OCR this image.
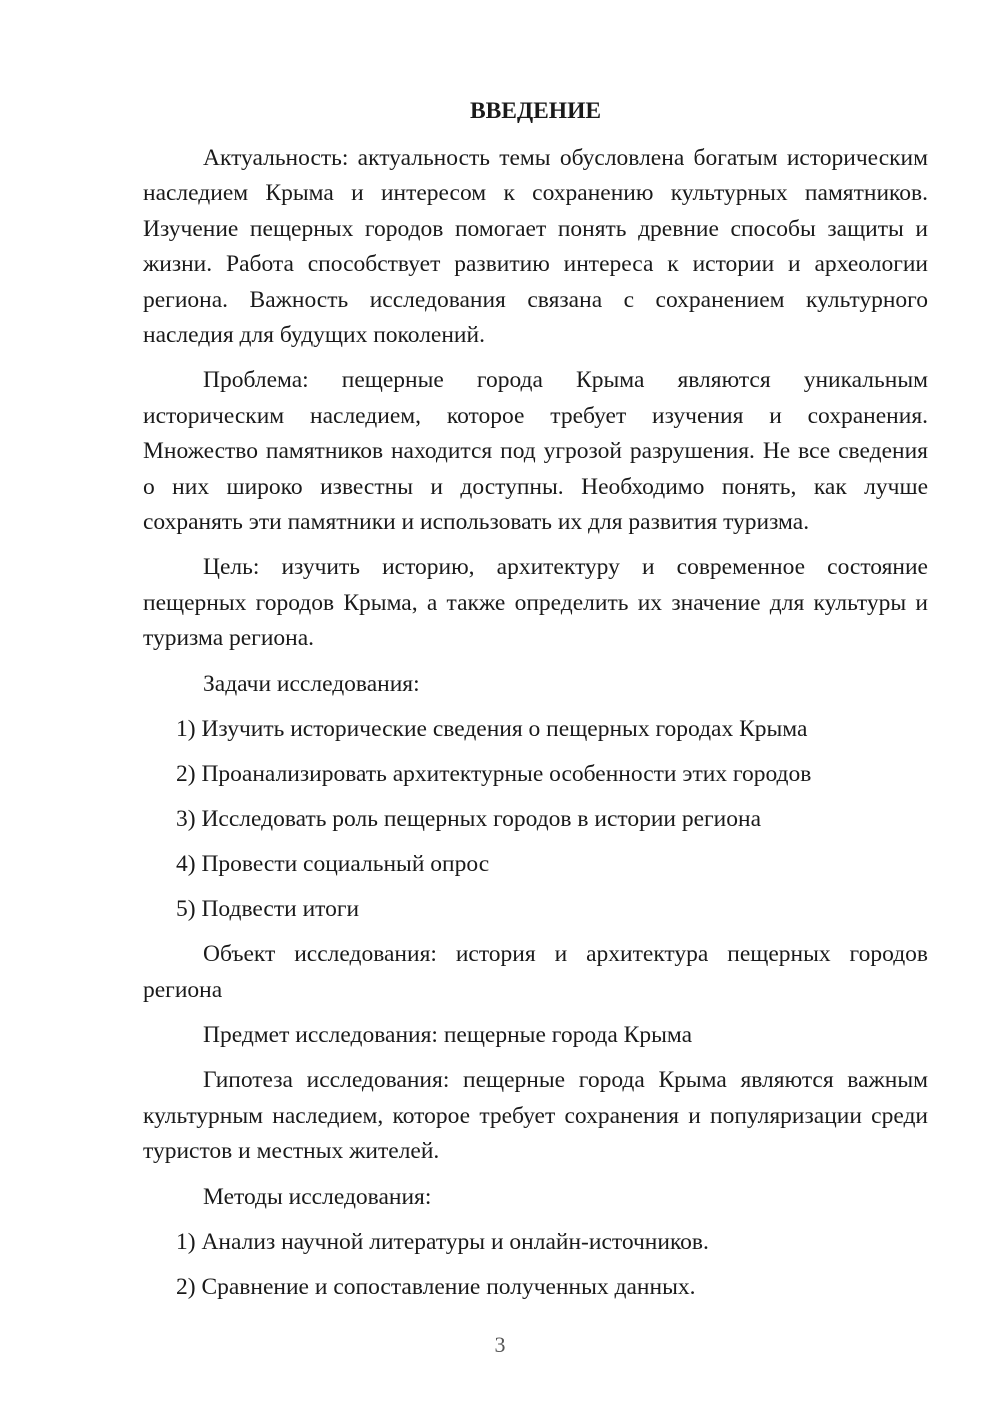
ВВЕДЕНИЕ

Актуальность: актуальность темы обусловлена богатым историческим наследием Крыма и интересом к сохранению культурных памятников. Изучение пещерных городов помогает понять древние способы защиты и жизни. Работа способствует развитию интереса к истории и археологии региона. Важность исследования связана с сохранением культурного наследия для будущих поколений.

Проблема: пещерные города Крыма являются уникальным историческим наследием, которое требует изучения и сохранения. Множество памятников находится под угрозой разрушения. Не все сведения о них широко известны и доступны. Необходимо понять, как лучше сохранять эти памятники и использовать их для развития туризма.

Цель: изучить историю, архитектуру и современное состояние пещерных городов Крыма, а также определить их значение для культуры и туризма региона.

Задачи исследования:

1) Изучить исторические сведения о пещерных городах Крыма
2) Проанализировать архитектурные особенности этих городов
3) Исследовать роль пещерных городов в истории региона
4) Провести социальный опрос
5) Подвести итоги

Объект исследования: история и архитектура пещерных городов региона

Предмет исследования: пещерные города Крыма

Гипотеза исследования: пещерные города Крыма являются важным культурным наследием, которое требует сохранения и популяризации среди туристов и местных жителей.

Методы исследования:

1) Анализ научной литературы и онлайн-источников.
2) Сравнение и сопоставление полученных данных.
3
